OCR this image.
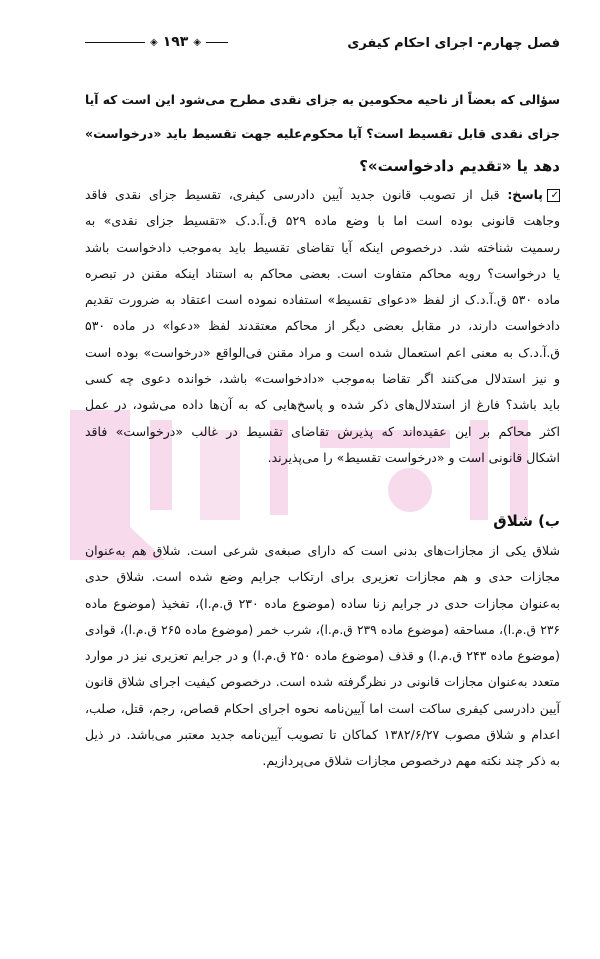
فصل چهارم- اجرای احکام کیفری
◈ ۱۹۳ ◈
سؤالی که بعضاً از ناحیه محکومین به جزای نقدی مطرح می‌شود این است که آیا
جزای نقدی قابل تقسیط است؟ آیا محکوم‌علیه جهت تقسیط باید «درخواست»
دهد یا «تقدیم دادخواست»؟
✓پاسخ: قبل از تصویب قانون جدید آیین دادرسی کیفری، تقسیط جزای نقدی فاقد
وجاهت قانونی بوده است اما با وضع ماده ۵۲۹ ق.آ.د.ک «تقسیط جزای نقدی» به
رسمیت شناخته شد. درخصوص اینکه آیا تقاضای تقسیط باید به‌موجب دادخواست باشد
یا درخواست؟ رویه محاکم متفاوت است. بعضی محاکم به استناد اینکه مقنن در تبصره
ماده ۵۳۰ ق.آ.د.ک از لفظ «دعوای تقسیط» استفاده نموده است اعتقاد به ضرورت تقدیم
دادخواست دارند، در مقابل بعضی دیگر از محاکم معتقدند لفظ «دعوا» در ماده ۵۳۰
ق.آ.د.ک به معنی اعم استعمال شده است و مراد مقنن فی‌الواقع «درخواست» بوده است
و نیز استدلال می‌کنند اگر تقاضا به‌موجب «دادخواست» باشد، خوانده دعوی چه کسی
باید باشد؟ فارغ از استدلال‌های ذکر شده و پاسخ‌هایی که به آن‌ها داده می‌شود، در عمل
اکثر محاکم بر این عقیده‌اند که پذیرش تقاضای تقسیط در غالب «درخواست» فاقد
اشکال قانونی است و «درخواست تقسیط» را می‌پذیرند.
ب) شلاق
شلاق یکی از مجازات‌های بدنی است که دارای صبغه‌ی شرعی است. شلاق هم به‌عنوان
مجازات حدی و هم مجازات تعزیری برای ارتکاب جرایم وضع شده است. شلاق حدی
به‌عنوان مجازات حدی در جرایم زنا ساده (موضوع ماده ۲۳۰ ق.م.ا)، تفخیذ (موضوع ماده
۲۳۶ ق.م.ا)، مساحقه (موضوع ماده ۲۳۹ ق.م.ا)، شرب خمر (موضوع ماده ۲۶۵ ق.م.ا)، قوادی
(موضوع ماده ۲۴۳ ق.م.ا) و قذف (موضوع ماده ۲۵۰ ق.م.ا) و در جرایم تعزیری نیز در موارد
متعدد به‌عنوان مجازات قانونی در نظرگرفته شده است. درخصوص کیفیت اجرای شلاق قانون
آیین دادرسی کیفری ساکت است اما آیین‌نامه نحوه اجرای احکام قصاص، رجم، قتل، صلب،
اعدام و شلاق مصوب ۱۳۸۲/۶/۲۷ کماکان تا تصویب آیین‌نامه جدید معتبر می‌باشد. در ذیل
به ذکر چند نکته مهم درخصوص مجازات شلاق می‌پردازیم.
